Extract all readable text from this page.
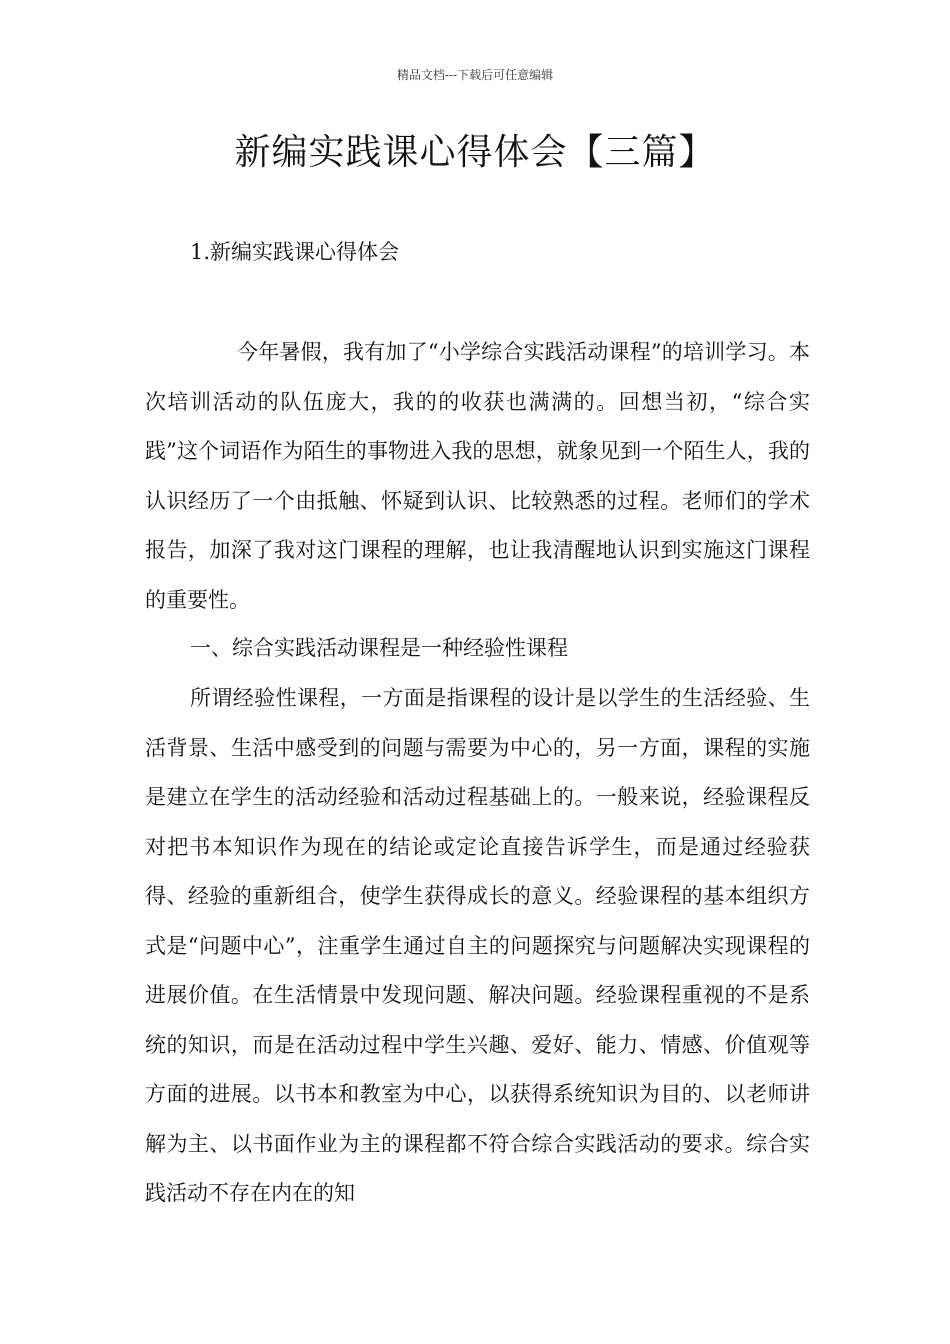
精品文档---下载后可任意编辑
新编实践课心得体会【三篇】
1.新编实践课心得体会
今年暑假，我有加了“小学综合实践活动课程”的培训学习。本次培训活动的队伍庞大，我的的收获也满满的。回想当初，“综合实践”这个词语作为陌生的事物进入我的思想，就象见到一个陌生人，我的认识经历了一个由抵触、怀疑到认识、比较熟悉的过程。老师们的学术报告，加深了我对这门课程的理解，也让我清醒地认识到实施这门课程的重要性。
一、综合实践活动课程是一种经验性课程
所谓经验性课程，一方面是指课程的设计是以学生的生活经验、生活背景、生活中感受到的问题与需要为中心的，另一方面，课程的实施是建立在学生的活动经验和活动过程基础上的。一般来说，经验课程反对把书本知识作为现在的结论或定论直接告诉学生，而是通过经验获得、经验的重新组合，使学生获得成长的意义。经验课程的基本组织方式是“问题中心”，注重学生通过自主的问题探究与问题解决实现课程的进展价值。在生活情景中发现问题、解决问题。经验课程重视的不是系统的知识，而是在活动过程中学生兴趣、爱好、能力、情感、价值观等方面的进展。以书本和教室为中心，以获得系统知识为目的、以老师讲解为主、以书面作业为主的课程都不符合综合实践活动的要求。综合实践活动不存在内在的知
